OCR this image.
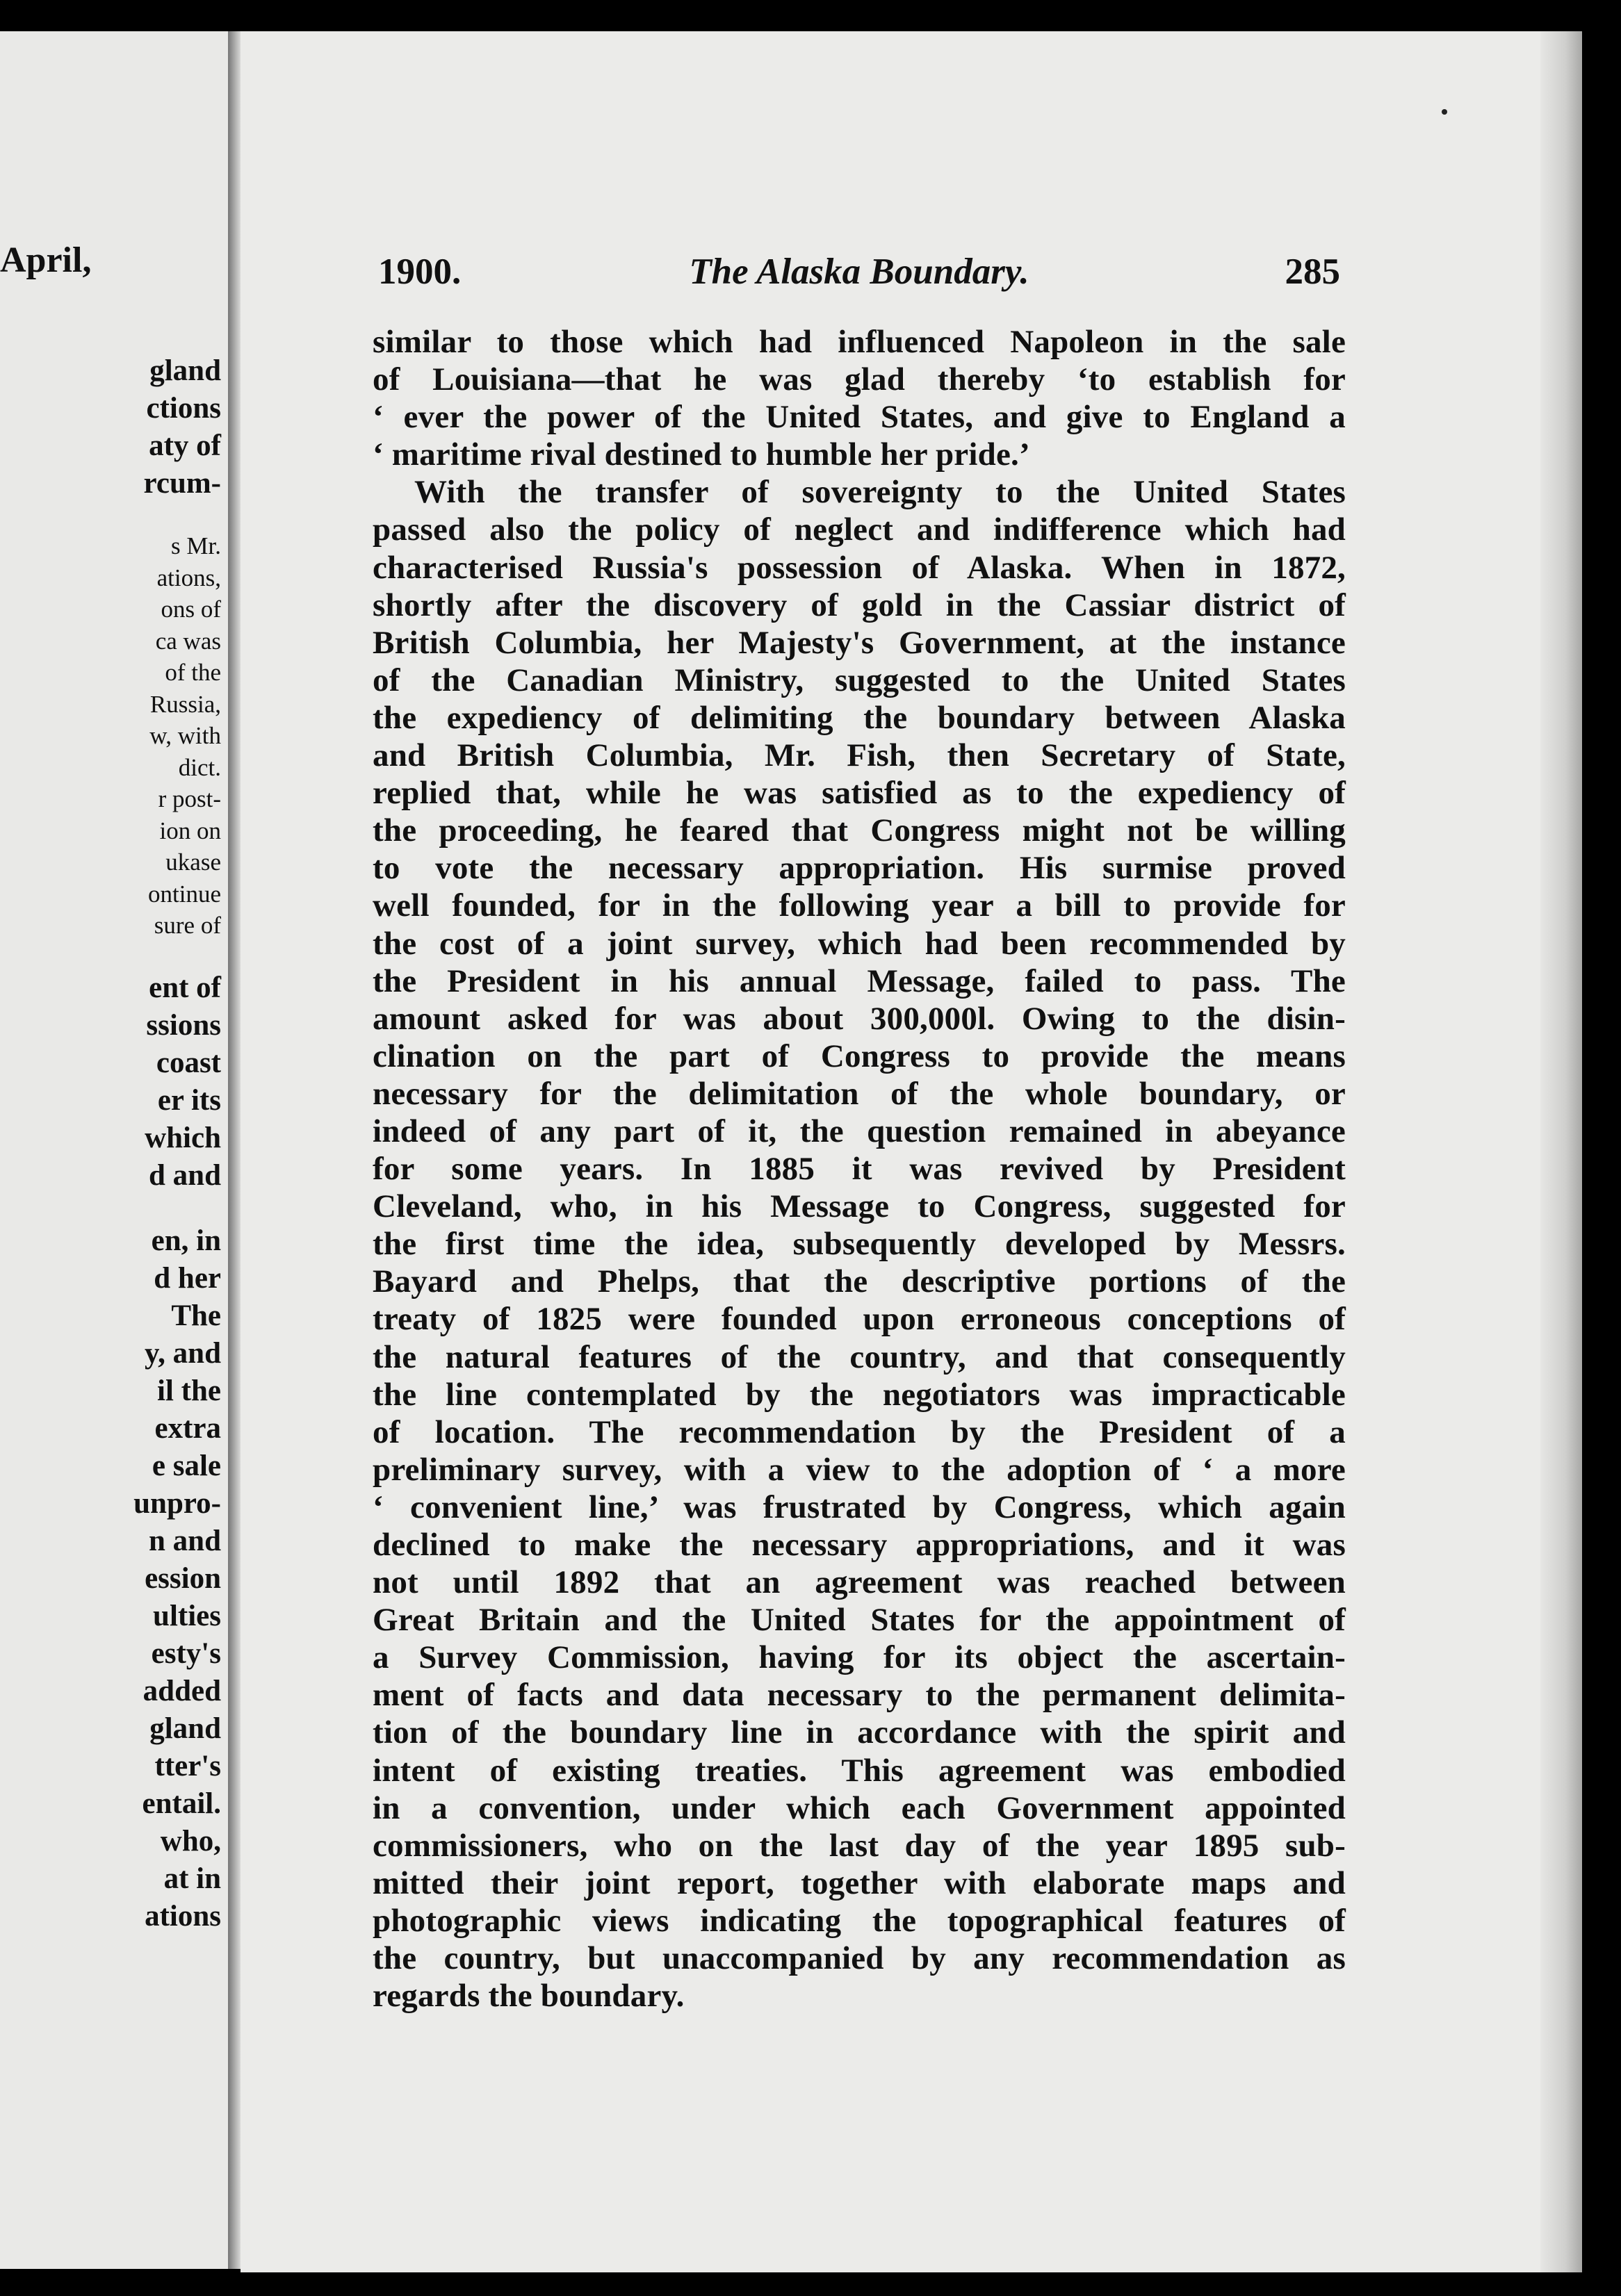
April,
gland
ctions
aty of
rcum-
s Mr.
ations,
ons of
ca was
of the
Russia,
w, with
dict.
r post-
ion on
ukase
ontinue
sure of
ent of
ssions
coast
er its
which
d and
en, in
d her
The
y, and
il the
extra
e sale
unpro-
n and
ession
ulties
esty's
added
gland
tter's
entail.
who,
at in
ations
1900.	The Alaska Boundary.	285
similar to those which had influenced Napoleon in the sale
of Louisiana—that he was glad thereby ‘to establish for
‘ ever the power of the United States, and give to England a
‘ maritime rival destined to humble her pride.’
With the transfer of sovereignty to the United States
passed also the policy of neglect and indifference which had
characterised Russia's possession of Alaska. When in 1872,
shortly after the discovery of gold in the Cassiar district of
British Columbia, her Majesty's Government, at the instance
of the Canadian Ministry, suggested to the United States
the expediency of delimiting the boundary between Alaska
and British Columbia, Mr. Fish, then Secretary of State,
replied that, while he was satisfied as to the expediency of
the proceeding, he feared that Congress might not be willing
to vote the necessary appropriation. His surmise proved
well founded, for in the following year a bill to provide for
the cost of a joint survey, which had been recommended by
the President in his annual Message, failed to pass. The
amount asked for was about 300,000l. Owing to the disin-
clination on the part of Congress to provide the means
necessary for the delimitation of the whole boundary, or
indeed of any part of it, the question remained in abeyance
for some years. In 1885 it was revived by President
Cleveland, who, in his Message to Congress, suggested for
the first time the idea, subsequently developed by Messrs.
Bayard and Phelps, that the descriptive portions of the
treaty of 1825 were founded upon erroneous conceptions of
the natural features of the country, and that consequently
the line contemplated by the negotiators was impracticable
of location. The recommendation by the President of a
preliminary survey, with a view to the adoption of ‘ a more
‘ convenient line,’ was frustrated by Congress, which again
declined to make the necessary appropriations, and it was
not until 1892 that an agreement was reached between
Great Britain and the United States for the appointment of
a Survey Commission, having for its object the ascertain-
ment of facts and data necessary to the permanent delimita-
tion of the boundary line in accordance with the spirit and
intent of existing treaties. This agreement was embodied
in a convention, under which each Government appointed
commissioners, who on the last day of the year 1895 sub-
mitted their joint report, together with elaborate maps and
photographic views indicating the topographical features of
the country, but unaccompanied by any recommendation as
regards the boundary.
